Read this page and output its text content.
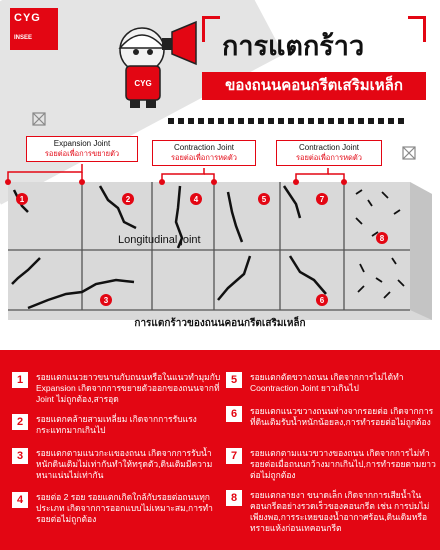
CYG
INSEE
CYG
การแตกร้าว
ของถนนคอนกรีตเสริมเหล็ก
Expansion Joint
รอยต่อเพื่อการขยายตัว
Contraction Joint
รอยต่อเพื่อการหดตัว
Contraction Joint
รอยต่อเพื่อการหดตัว
1	2
3
4	5
6
7
8
Longitudinal joint
การแตกร้าวของถนนคอนกรีตเสริมเหล็ก
1	รอยแตกแนวยาวขนานกับถนนหรือในแนวทำมุมกับ Expansion เกิดจากการขยายตัวออกของถนนจากที่ Joint ไม่ถูกต้อง,สารอุด
2	รอยแตกคล้ายสามเหลี่ยม เกิดจากการรับแรงกระแทกมากเกินไป
3	รอยแตกตามแนวกะแของถนน เกิดจากการรับน้ำหนักดินเติมไม่เท่ากันทำให้ทรุดตัว,ดินเติมมีความหนาแน่นไม่เท่ากัน
4	รอยต่อ 2 รอย รอยแตกเกิดใกล้กับรอยต่อถนนทุกประเภท เกิดจากการออกแบบไม่เหมาะสม,การทำรอยต่อไม่ถูกต้อง
5	รอยแตกตัดขวางถนน เกิดจากการไม่ได้ทำ Coontraction Joint ยาวเกินไป
6	รอยแตกแนวขวางถนนห่างจากรอยต่อ เกิดจากการที่ดินเติมรับน้ำหนักน้อยลง,การทำรอยต่อไม่ถูกต้อง
7	รอยแตกตามแนวขวางของถนน เกิดจากการไม่ทำรอยต่อเมื่อถนนกว้างมากเกินไป,การทำรอยตามยาวต่อไม่ถูกต้อง
8	รอยแตกลายงา ขนาดเล็ก เกิดจากการเสียน้ำในคอนกรีตอย่างรวดเร็วของคอนกรีต เช่น การบ่มไม่เพียงพอ,การระเหยของน้ำอากาศร้อน,ดินเดิมหรือทรายแห้งก่อนเทคอนกรีต
